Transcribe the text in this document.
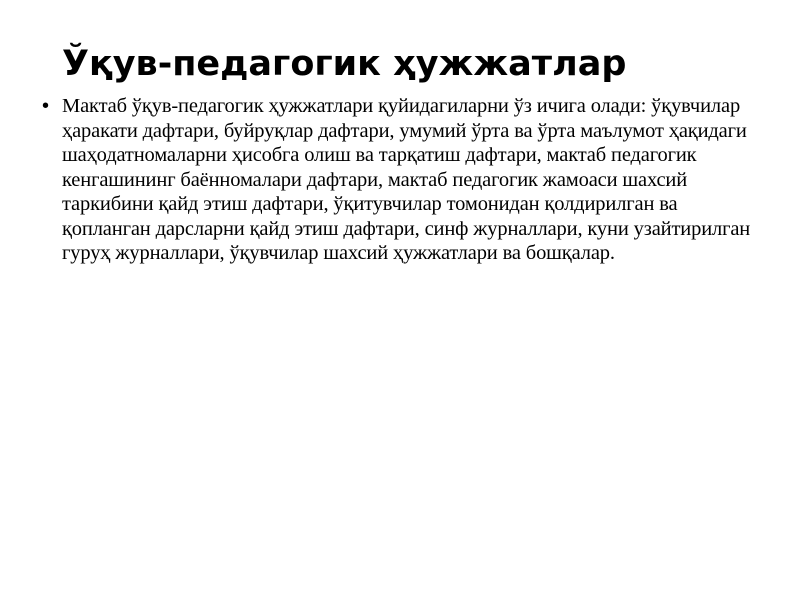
Ўқув-педагогик ҳужжатлар
• Мактаб ўқув-педагогик ҳужжатлари қуйидагиларни ўз ичига олади: ўқувчилар ҳаракати дафтари, буйруқлар дафтари, умумий ўрта ва ўрта маълумот ҳақидаги шаҳодатномаларни ҳисобга олиш ва тарқатиш дафтари, мактаб педагогик кенгашининг баённомалари дафтари, мактаб педагогик жамоаси шахсий таркибини қайд этиш дафтари, ўқитувчилар томонидан қолдирилган ва қопланган дарсларни қайд этиш дафтари, синф журналлари, куни узайтирилган гуруҳ журналлари, ўқувчилар шахсий ҳужжатлари ва бошқалар.
